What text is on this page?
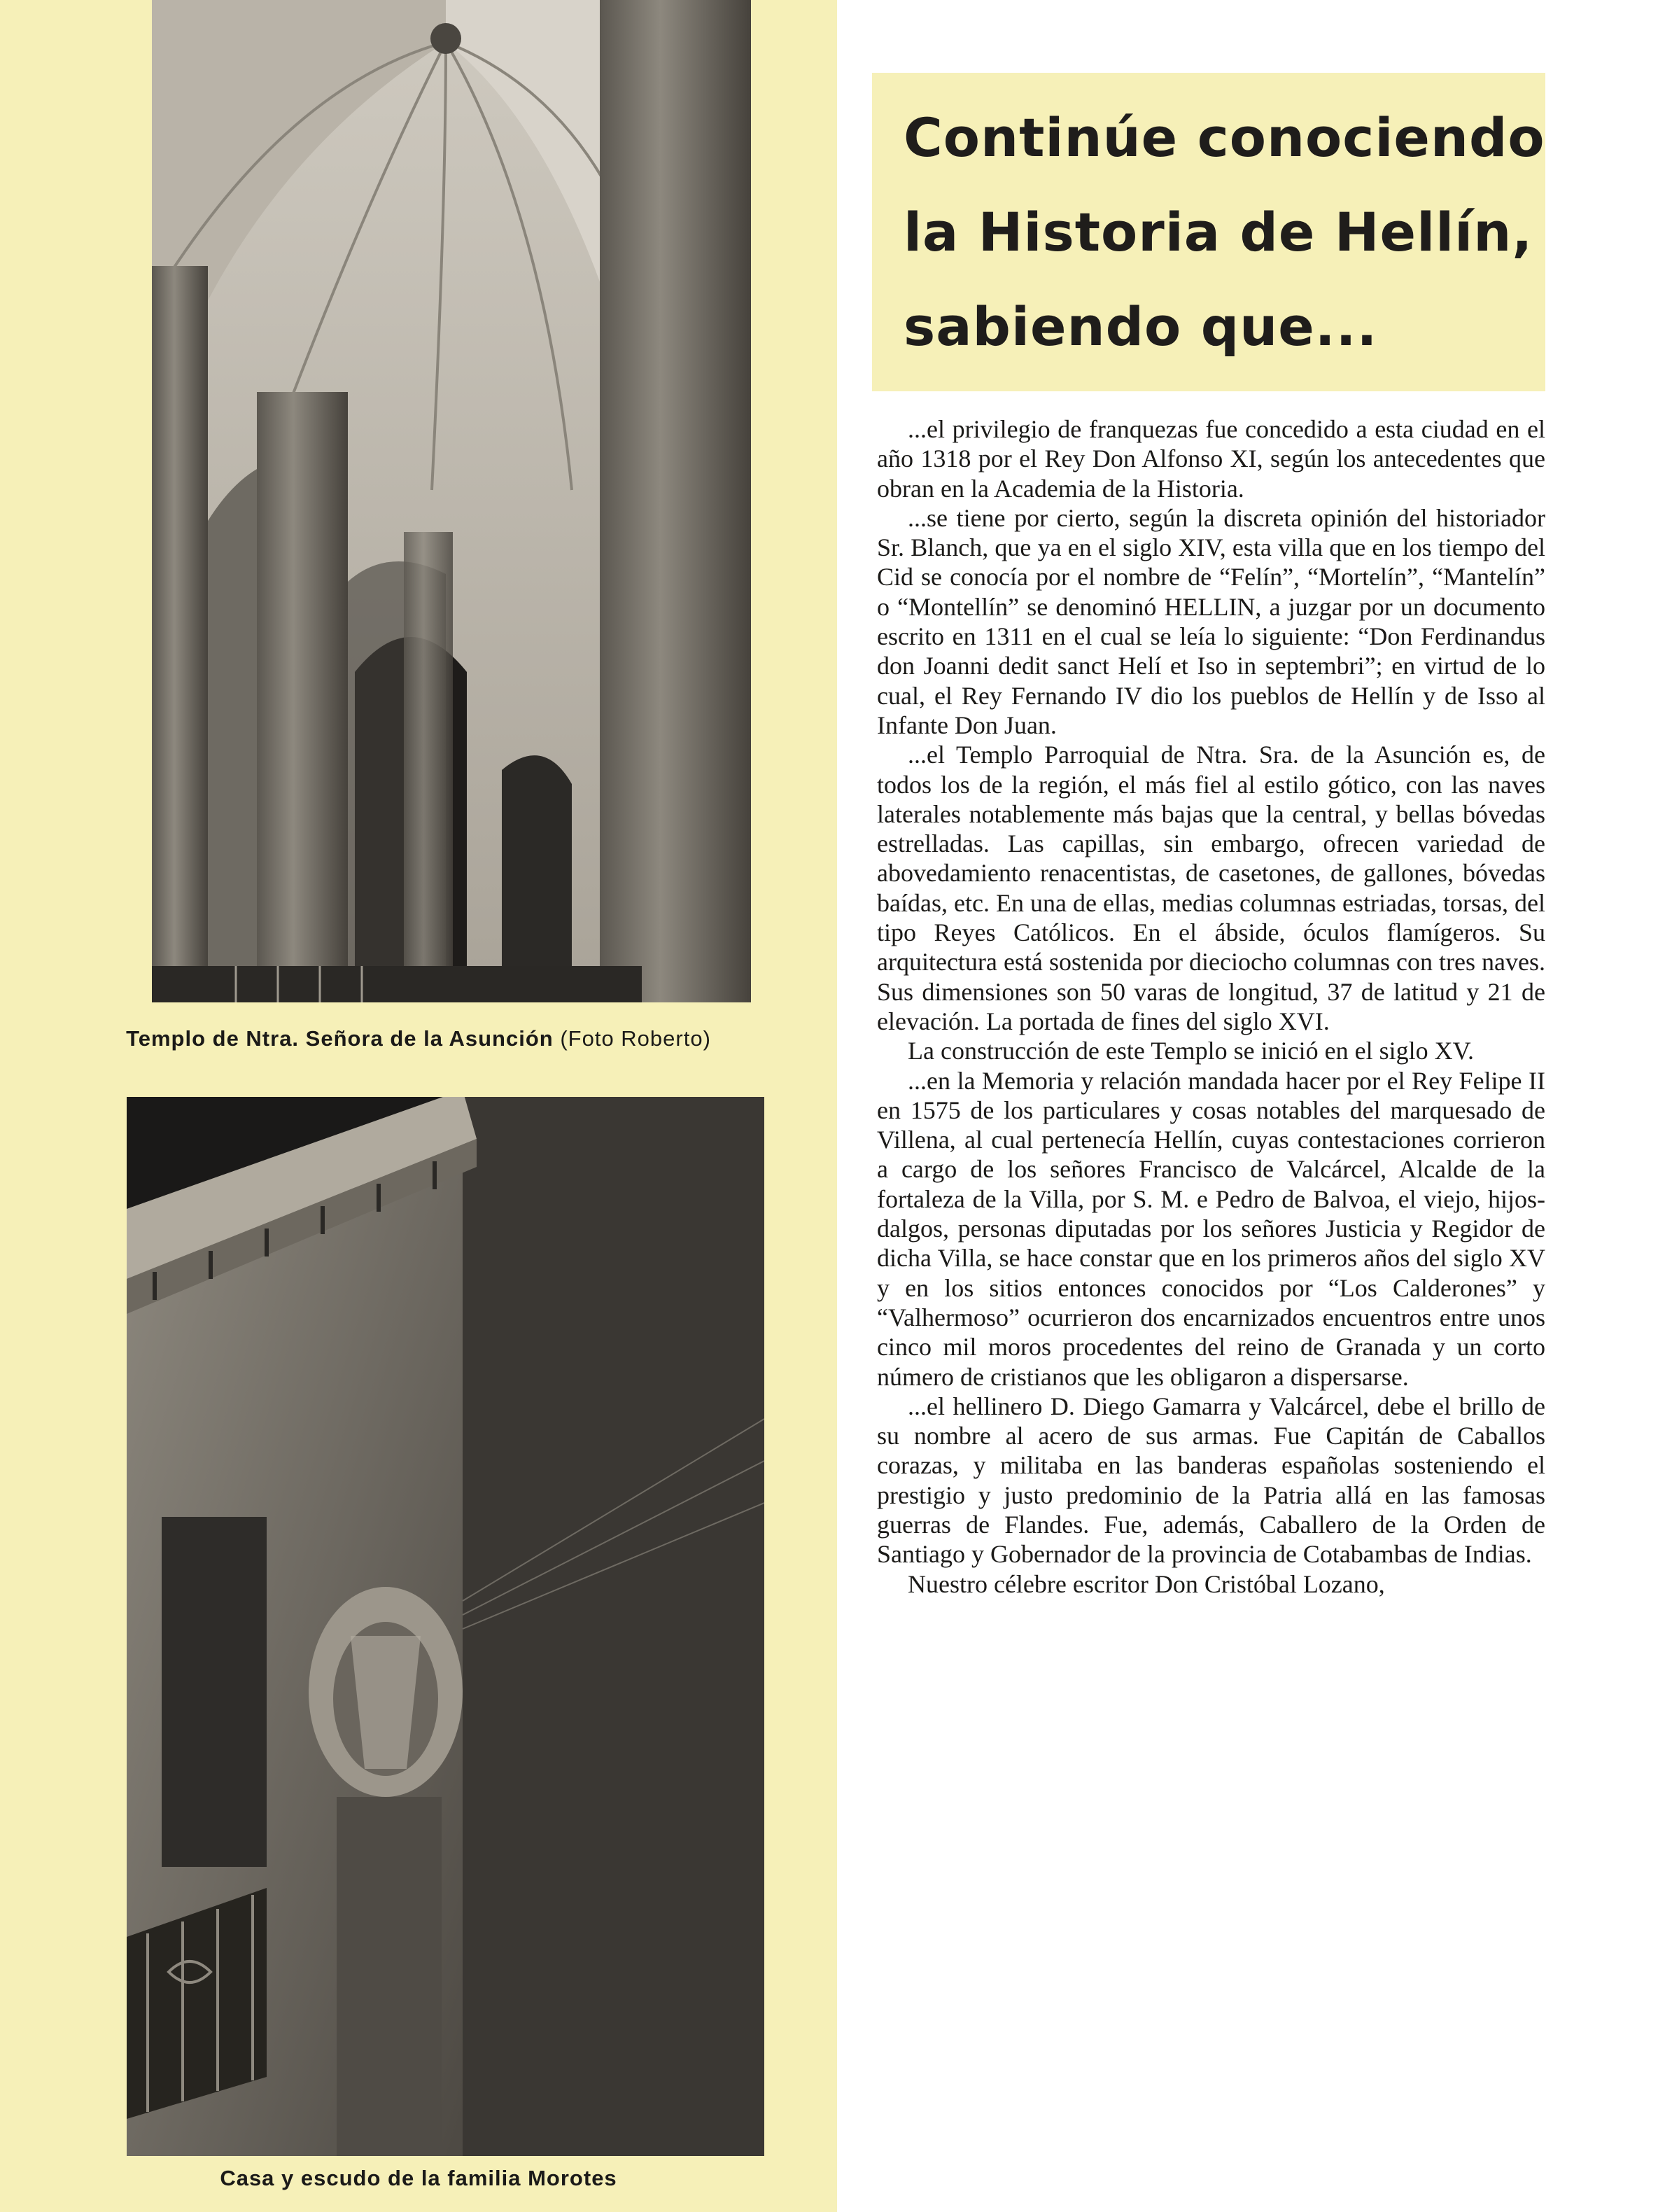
Templo de Ntra. Señora de la Asunción (Foto Roberto)
Casa y escudo de la familia Morotes
Continúe conociendo
la Historia de Hellín,
sabiendo que...

...el privilegio de franquezas fue concedido a esta ciudad en el año 1318 por el Rey Don Alfonso XI, según los antecedentes que obran en la Academia de la Historia.

...se tiene por cierto, según la discreta opinión del historiador Sr. Blanch, que ya en el siglo XIV, esta villa que en los tiempo del Cid se conocía por el nombre de “Felín”, “Mortelín”, “Mantelín” o “Montellín” se denominó HELLIN, a juzgar por un documento escrito en 1311 en el cual se leía lo siguiente: “Don Ferdinandus don Joanni dedit sanct Helí et Iso in septembri”; en virtud de lo cual, el Rey Fernando IV dio los pueblos de Hellín y de Isso al Infante Don Juan.

...el Templo Parroquial de Ntra. Sra. de la Asunción es, de todos los de la región, el más fiel al estilo gótico, con las naves laterales notablemente más bajas que la central, y bellas bóvedas estrelladas. Las capillas, sin embargo, ofrecen variedad de abovedamiento renacentistas, de casetones, de gallones, bóvedas baídas, etc. En una de ellas, medias columnas estriadas, torsas, del tipo Reyes Católicos. En el ábside, óculos flamígeros. Su arquitectura está sostenida por dieciocho columnas con tres naves. Sus dimensiones son 50 varas de longitud, 37 de latitud y 21 de elevación. La portada de fines del siglo XVI.

La construcción de este Templo se inició en el siglo XV.

...en la Memoria y relación mandada hacer por el Rey Felipe II en 1575 de los particulares y cosas notables del marquesado de Villena, al cual pertenecía Hellín, cuyas contestaciones corrieron a cargo de los señores Francisco de Valcárcel, Alcalde de la fortaleza de la Villa, por S. M. e Pedro de Balvoa, el viejo, hijos-dalgos, personas diputadas por los señores Justicia y Regidor de dicha Villa, se hace constar que en los primeros años del siglo XV y en los sitios entonces conocidos por “Los Calderones” y “Valhermoso” ocurrieron dos encarnizados encuentros entre unos cinco mil moros procedentes del reino de Granada y un corto número de cristianos que les obligaron a dispersarse.

...el hellinero D. Diego Gamarra y Valcárcel, debe el brillo de su nombre al acero de sus armas. Fue Capitán de Caballos corazas, y militaba en las banderas españolas sosteniendo el prestigio y justo predominio de la Patria allá en las famosas guerras de Flandes. Fue, además, Caballero de la Orden de Santiago y Gobernador de la provincia de Cotabambas de Indias.

Nuestro célebre escritor Don Cristóbal Lozano,
